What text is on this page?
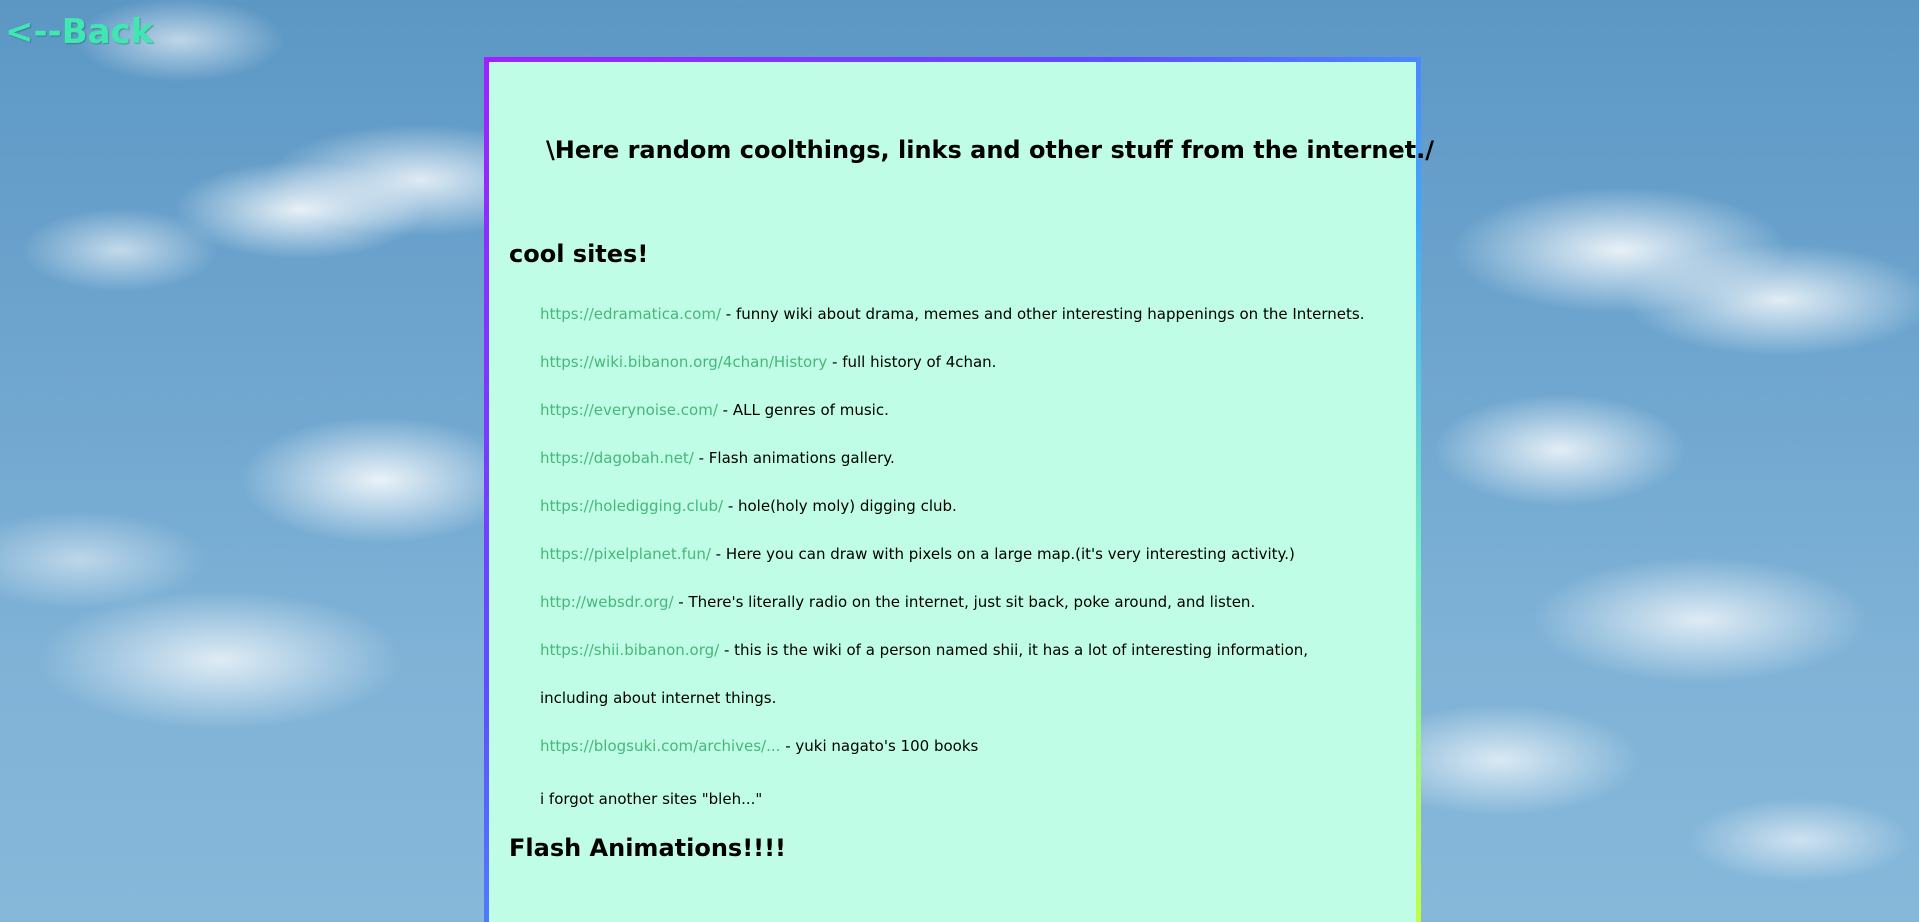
<--Back
\Here random coolthings, links and other stuff from the internet./
cool sites!
https://edramatica.com/ - funny wiki about drama, memes and other interesting happenings on the Internets.
https://wiki.bibanon.org/4chan/History - full history of 4chan.
https://everynoise.com/ - ALL genres of music.
https://dagobah.net/ - Flash animations gallery.
https://holedigging.club/ - hole(holy moly) digging club.
https://pixelplanet.fun/ - Here you can draw with pixels on a large map.(it's very interesting activity.)
http://websdr.org/ - There's literally radio on the internet, just sit back, poke around, and listen.
https://shii.bibanon.org/ - this is the wiki of a person named shii, it has a lot of interesting information, including about internet things.
https://blogsuki.com/archives/... - yuki nagato's 100 books

i forgot another sites "bleh..."

Flash Animations!!!!
